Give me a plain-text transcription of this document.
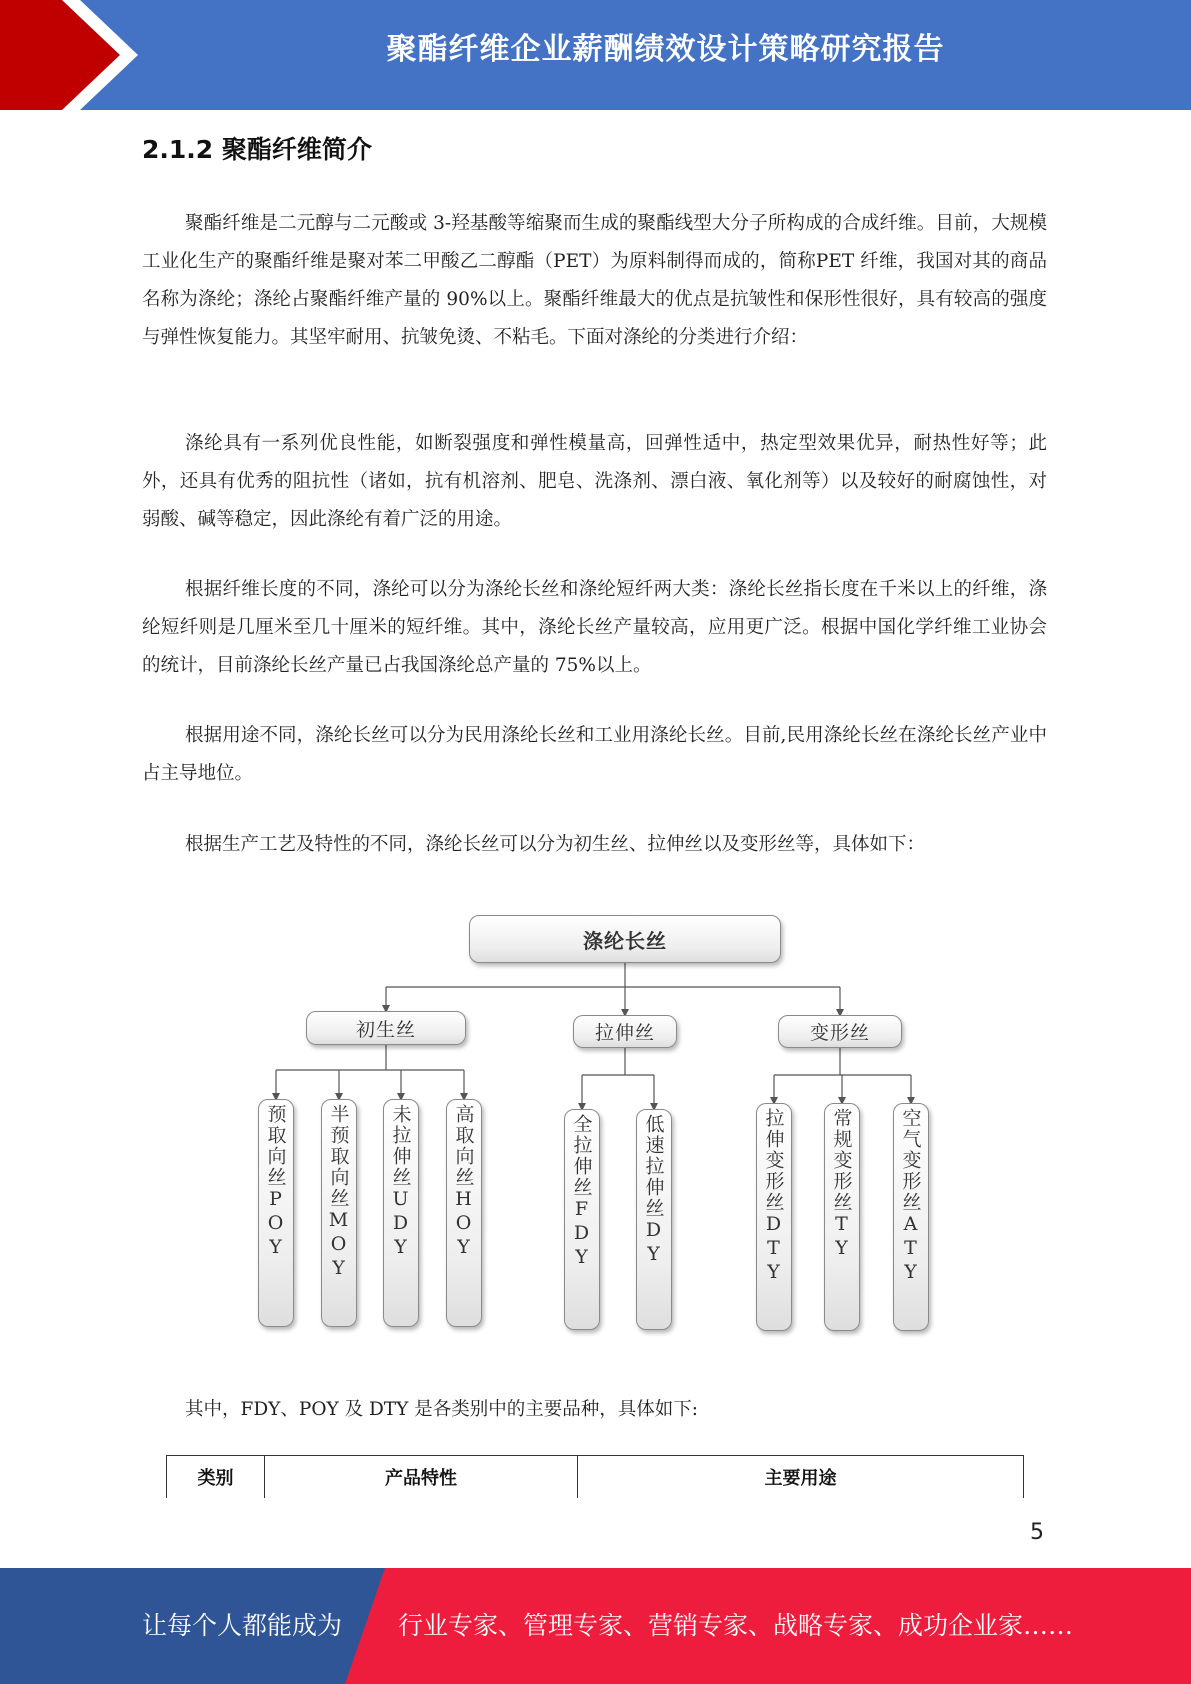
聚酯纤维企业薪酬绩效设计策略研究报告
2.1.2 聚酯纤维简介

聚酯纤维是二元醇与二元酸或 3-羟基酸等缩聚而生成的聚酯线型大分子所构成的合成纤维。目前，大规模工业化生产的聚酯纤维是聚对苯二甲酸乙二醇酯（PET）为原料制得而成的，简称PET 纤维，我国对其的商品名称为涤纶；涤纶占聚酯纤维产量的 90%以上。聚酯纤维最大的优点是抗皱性和保形性很好，具有较高的强度与弹性恢复能力。其坚牢耐用、抗皱免烫、不粘毛。下面对涤纶的分类进行介绍：

涤纶具有一系列优良性能，如断裂强度和弹性模量高，回弹性适中，热定型效果优异，耐热性好等；此外，还具有优秀的阻抗性（诸如，抗有机溶剂、肥皂、洗涤剂、漂白液、氧化剂等）以及较好的耐腐蚀性，对弱酸、碱等稳定，因此涤纶有着广泛的用途。

根据纤维长度的不同，涤纶可以分为涤纶长丝和涤纶短纤两大类：涤纶长丝指长度在千米以上的纤维，涤纶短纤则是几厘米至几十厘米的短纤维。其中，涤纶长丝产量较高，应用更广泛。根据中国化学纤维工业协会的统计，目前涤纶长丝产量已占我国涤纶总产量的 75%以上。

根据用途不同，涤纶长丝可以分为民用涤纶长丝和工业用涤纶长丝。目前,民用涤纶长丝在涤纶长丝产业中占主导地位。

根据生产工艺及特性的不同，涤纶长丝可以分为初生丝、拉伸丝以及变形丝等，具体如下：

涤纶长丝
初生丝	拉伸丝	变形丝
预取向丝POY	半预取向丝MOY	未拉伸丝UDY	高取向丝HOY	全拉伸丝FDY	低速拉伸丝DY	拉伸变形丝DTY	常规变形丝TY	空气变形丝ATY

其中，FDY、POY 及 DTY 是各类别中的主要品种，具体如下:

类别	产品特性	主要用途
5
让每个人都能成为 行业专家、管理专家、营销专家、战略专家、成功企业家……
